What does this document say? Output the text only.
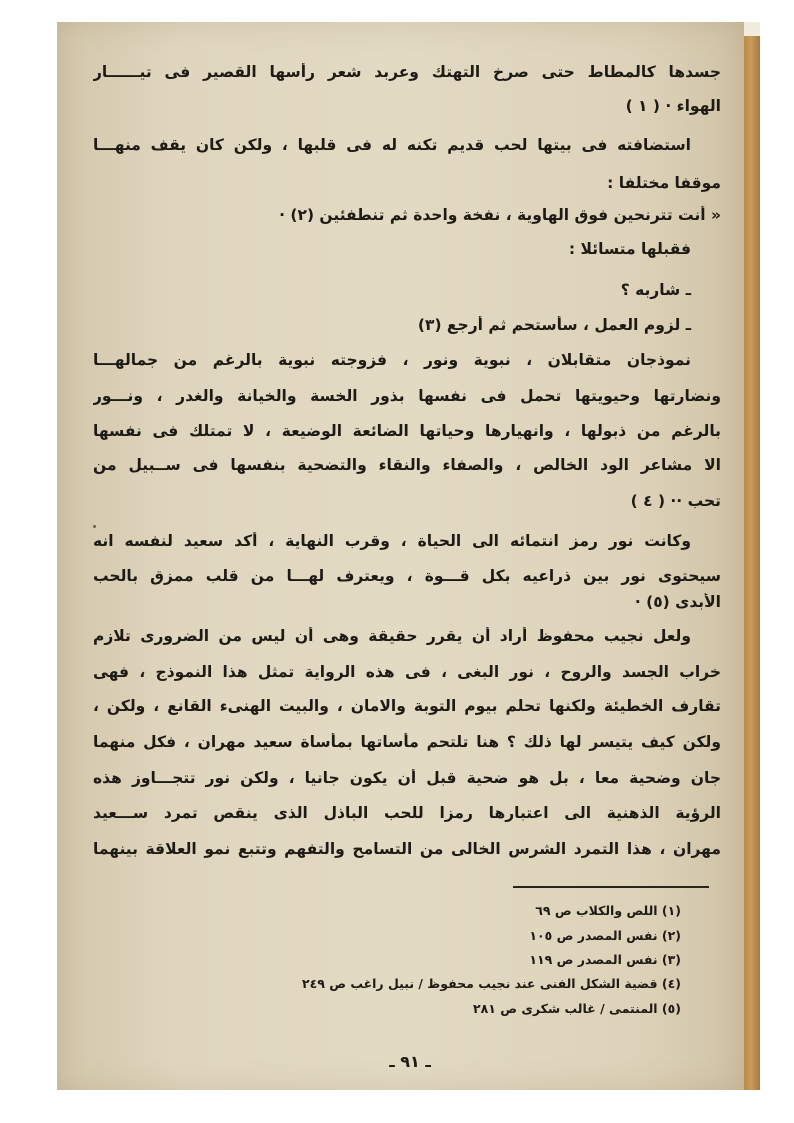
جسدها كالمطاط حتى صرخ التهتك وعربد شعر رأسها القصير فى تيــــــار
الهواء · ( ١ )
استضافته فى بيتها لحب قديم تكنه له فى قلبها ، ولكن كان يقف منهـــا
موقفا مختلفا :
« أنت تترنحين فوق الهاوية ، نفخة واحدة ثم تنطفئين (٢) ·
فقبلها متسائلا :
ـ شاربه ؟
ـ لزوم العمل ، سأستحم ثم أرجع (٣)
نموذجان متقابلان ، نبوية ونور ، فزوجته نبوية بالرغم من جمالهـــا
ونضارتها وحيويتها تحمل فى نفسها بذور الخسة والخيانة والغدر ، ونـــور
بالرغم من ذبولها ، وانهيارها وحياتها الضائعة الوضيعة ، لا تمتلك فى نفسها
الا مشاعر الود الخالص ، والصفاء والنقاء والتضحية بنفسها فى ســبيل من
تحب ·· ( ٤ )
وكانت نور رمز انتمائه الى الحياة ، وقرب النهاية ، أكد سعيد لنفسه انه
سيحتوى نور بين ذراعيه بكل قـــوة ، ويعترف لهـــا من قلب ممزق بالحب
الأبدى (٥) ·
ولعل نجيب محفوظ أراد أن يقرر حقيقة وهى أن ليس من الضرورى تلازم
خراب الجسد والروح ، نور البغى ، فى هذه الرواية تمثل هذا النموذج ، فهى
تقارف الخطيئة ولكنها تحلم بيوم التوبة والامان ، والبيت الهنىء القانع ، ولكن ،
ولكن كيف يتيسر لها ذلك ؟ هنا تلتحم مأساتها بمأساة سعيد مهران ، فكل منهما
جان وضحية معا ، بل هو ضحية قبل أن يكون جانيا ، ولكن نور تتجـــاوز هذه
الرؤية الذهنية الى اعتبارها رمزا للحب الباذل الذى ينقص تمرد ســـعيد
مهران ، هذا التمرد الشرس الخالى من التسامح والتفهم وتتبع نمو العلاقة بينهما
(١) اللص والكلاب ص ٦٩
(٢) نفس المصدر ص ١٠٥
(٣) نفس المصدر ص ١١٩
(٤) قضية الشكل الفنى عند نجيب محفوظ / نبيل راغب ص ٢٤٩
(٥) المنتمى / غالب شكرى ص ٢٨١
ـ ٩١ ـ
